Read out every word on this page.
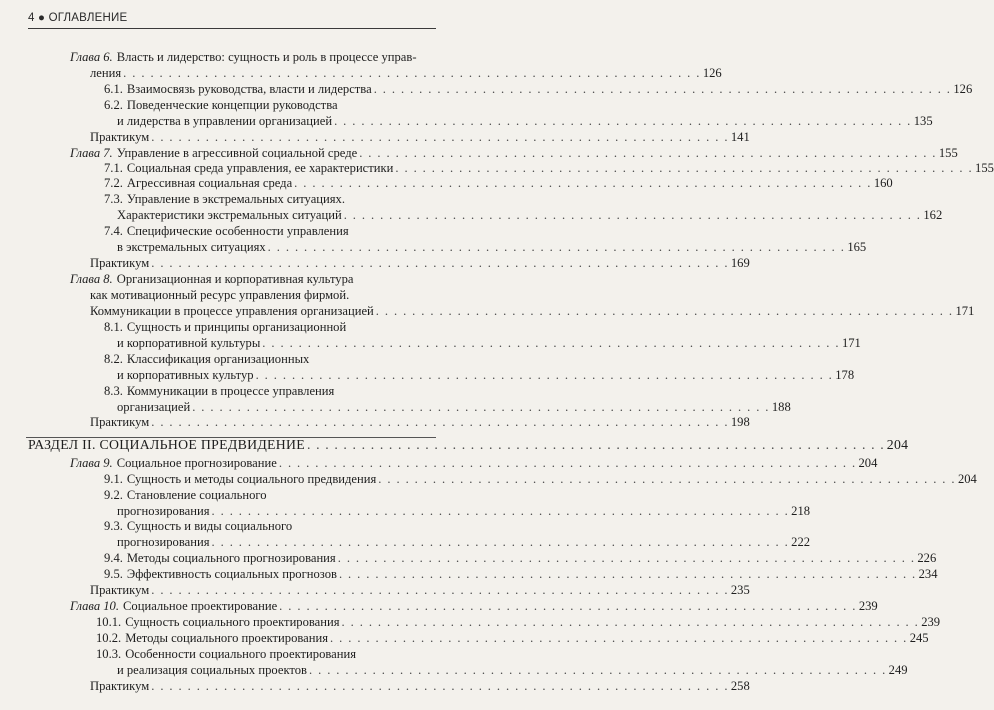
4 ● ОГЛАВЛЕНИЕ
Глава 6. Власть и лидерство: сущность и роль в процессе управ-
ления . . .	126
6.1. Взаимосвязь руководства, власти и лидерства . . .	126
6.2. Поведенческие концепции руководства
и лидерства в управлении организацией . . .	135
Практикум . . .	141
Глава 7. Управление в агрессивной социальной среде . . .	155
7.1. Социальная среда управления, ее характеристики . . .	155
7.2. Агрессивная социальная среда . . .	160
7.3. Управление в экстремальных ситуациях.
Характеристики экстремальных ситуаций . . .	162
7.4. Специфические особенности управления
в экстремальных ситуациях . . .	165
Практикум . . .	169
Глава 8. Организационная и корпоративная культура
как мотивационный ресурс управления фирмой.
Коммуникации в процессе управления организацией . . .	171
8.1. Сущность и принципы организационной
и корпоративной культуры . . .	171
8.2. Классификация организационных
и корпоративных культур . . .	178
8.3. Коммуникации в процессе управления
организацией . . .	188
Практикум . . .	198
РАЗДЕЛ II. СОЦИАЛЬНОЕ ПРЕДВИДЕНИЕ . . .	204
Глава 9. Социальное прогнозирование . . .	204
9.1. Сущность и методы социального предвидения . . .	204
9.2. Становление социального
прогнозирования . . .	218
9.3. Сущность и виды социального
прогнозирования . . .	222
9.4. Методы социального прогнозирования . . .	226
9.5. Эффективность социальных прогнозов . . .	234
Практикум . . .	235
Глава 10. Социальное проектирование . . .	239
10.1. Сущность социального проектирования . . .	239
10.2. Методы социального проектирования . . .	245
10.3. Особенности социального проектирования
и реализация социальных проектов . . .	249
Практикум . . .	258
